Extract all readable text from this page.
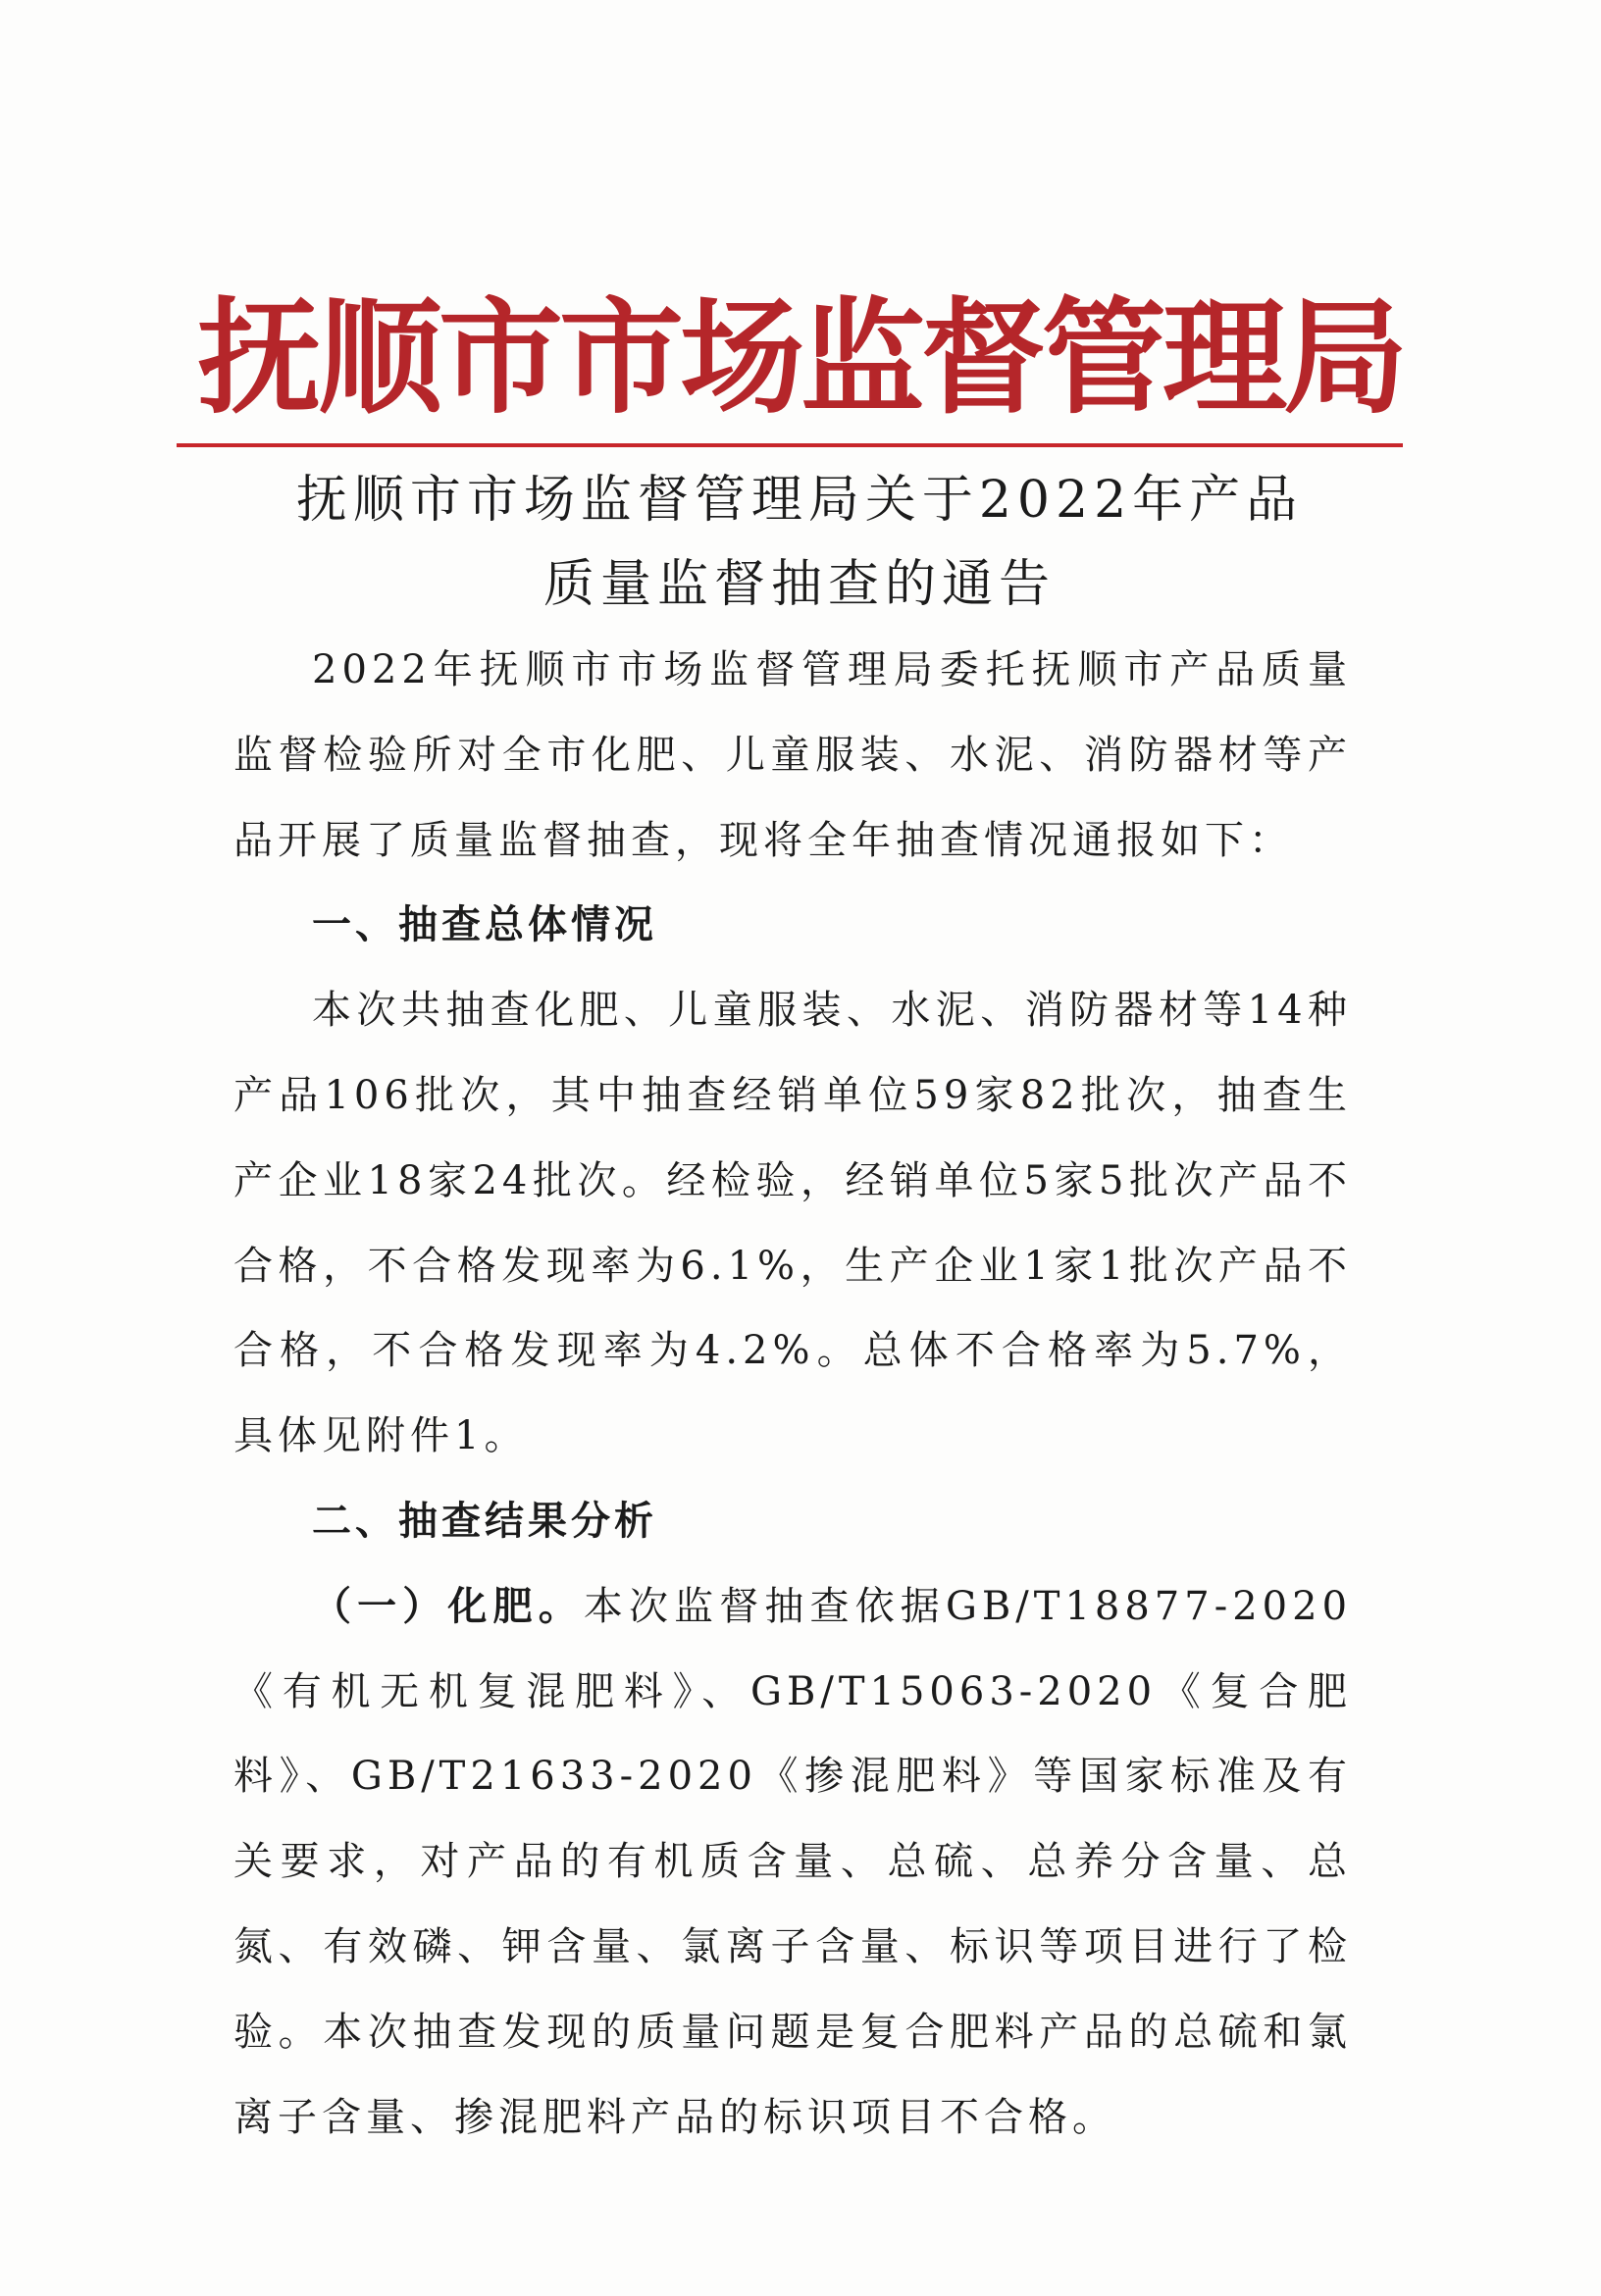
抚顺市市场监督管理局
抚顺市市场监督管理局关于2022年产品
质量监督抽查的通告

2022年抚顺市市场监督管理局委托抚顺市产品质量监督检验所对全市化肥、儿童服装、水泥、消防器材等产品开展了质量监督抽查，现将全年抽查情况通报如下：

一、抽查总体情况

本次共抽查化肥、儿童服装、水泥、消防器材等14种产品106批次，其中抽查经销单位59家82批次，抽查生产企业18家24批次。经检验，经销单位5家5批次产品不合格，不合格发现率为6.1%，生产企业1家1批次产品不合格，不合格发现率为4.2%。总体不合格率为5.7%，具体见附件1。

二、抽查结果分析

（一）化肥。本次监督抽查依据GB/T18877-2020《有机无机复混肥料》、GB/T15063-2020《复合肥料》、GB/T21633-2020《掺混肥料》等国家标准及有关要求，对产品的有机质含量、总硫、总养分含量、总氮、有效磷、钾含量、氯离子含量、标识等项目进行了检验。本次抽查发现的质量问题是复合肥料产品的总硫和氯离子含量、掺混肥料产品的标识项目不合格。
